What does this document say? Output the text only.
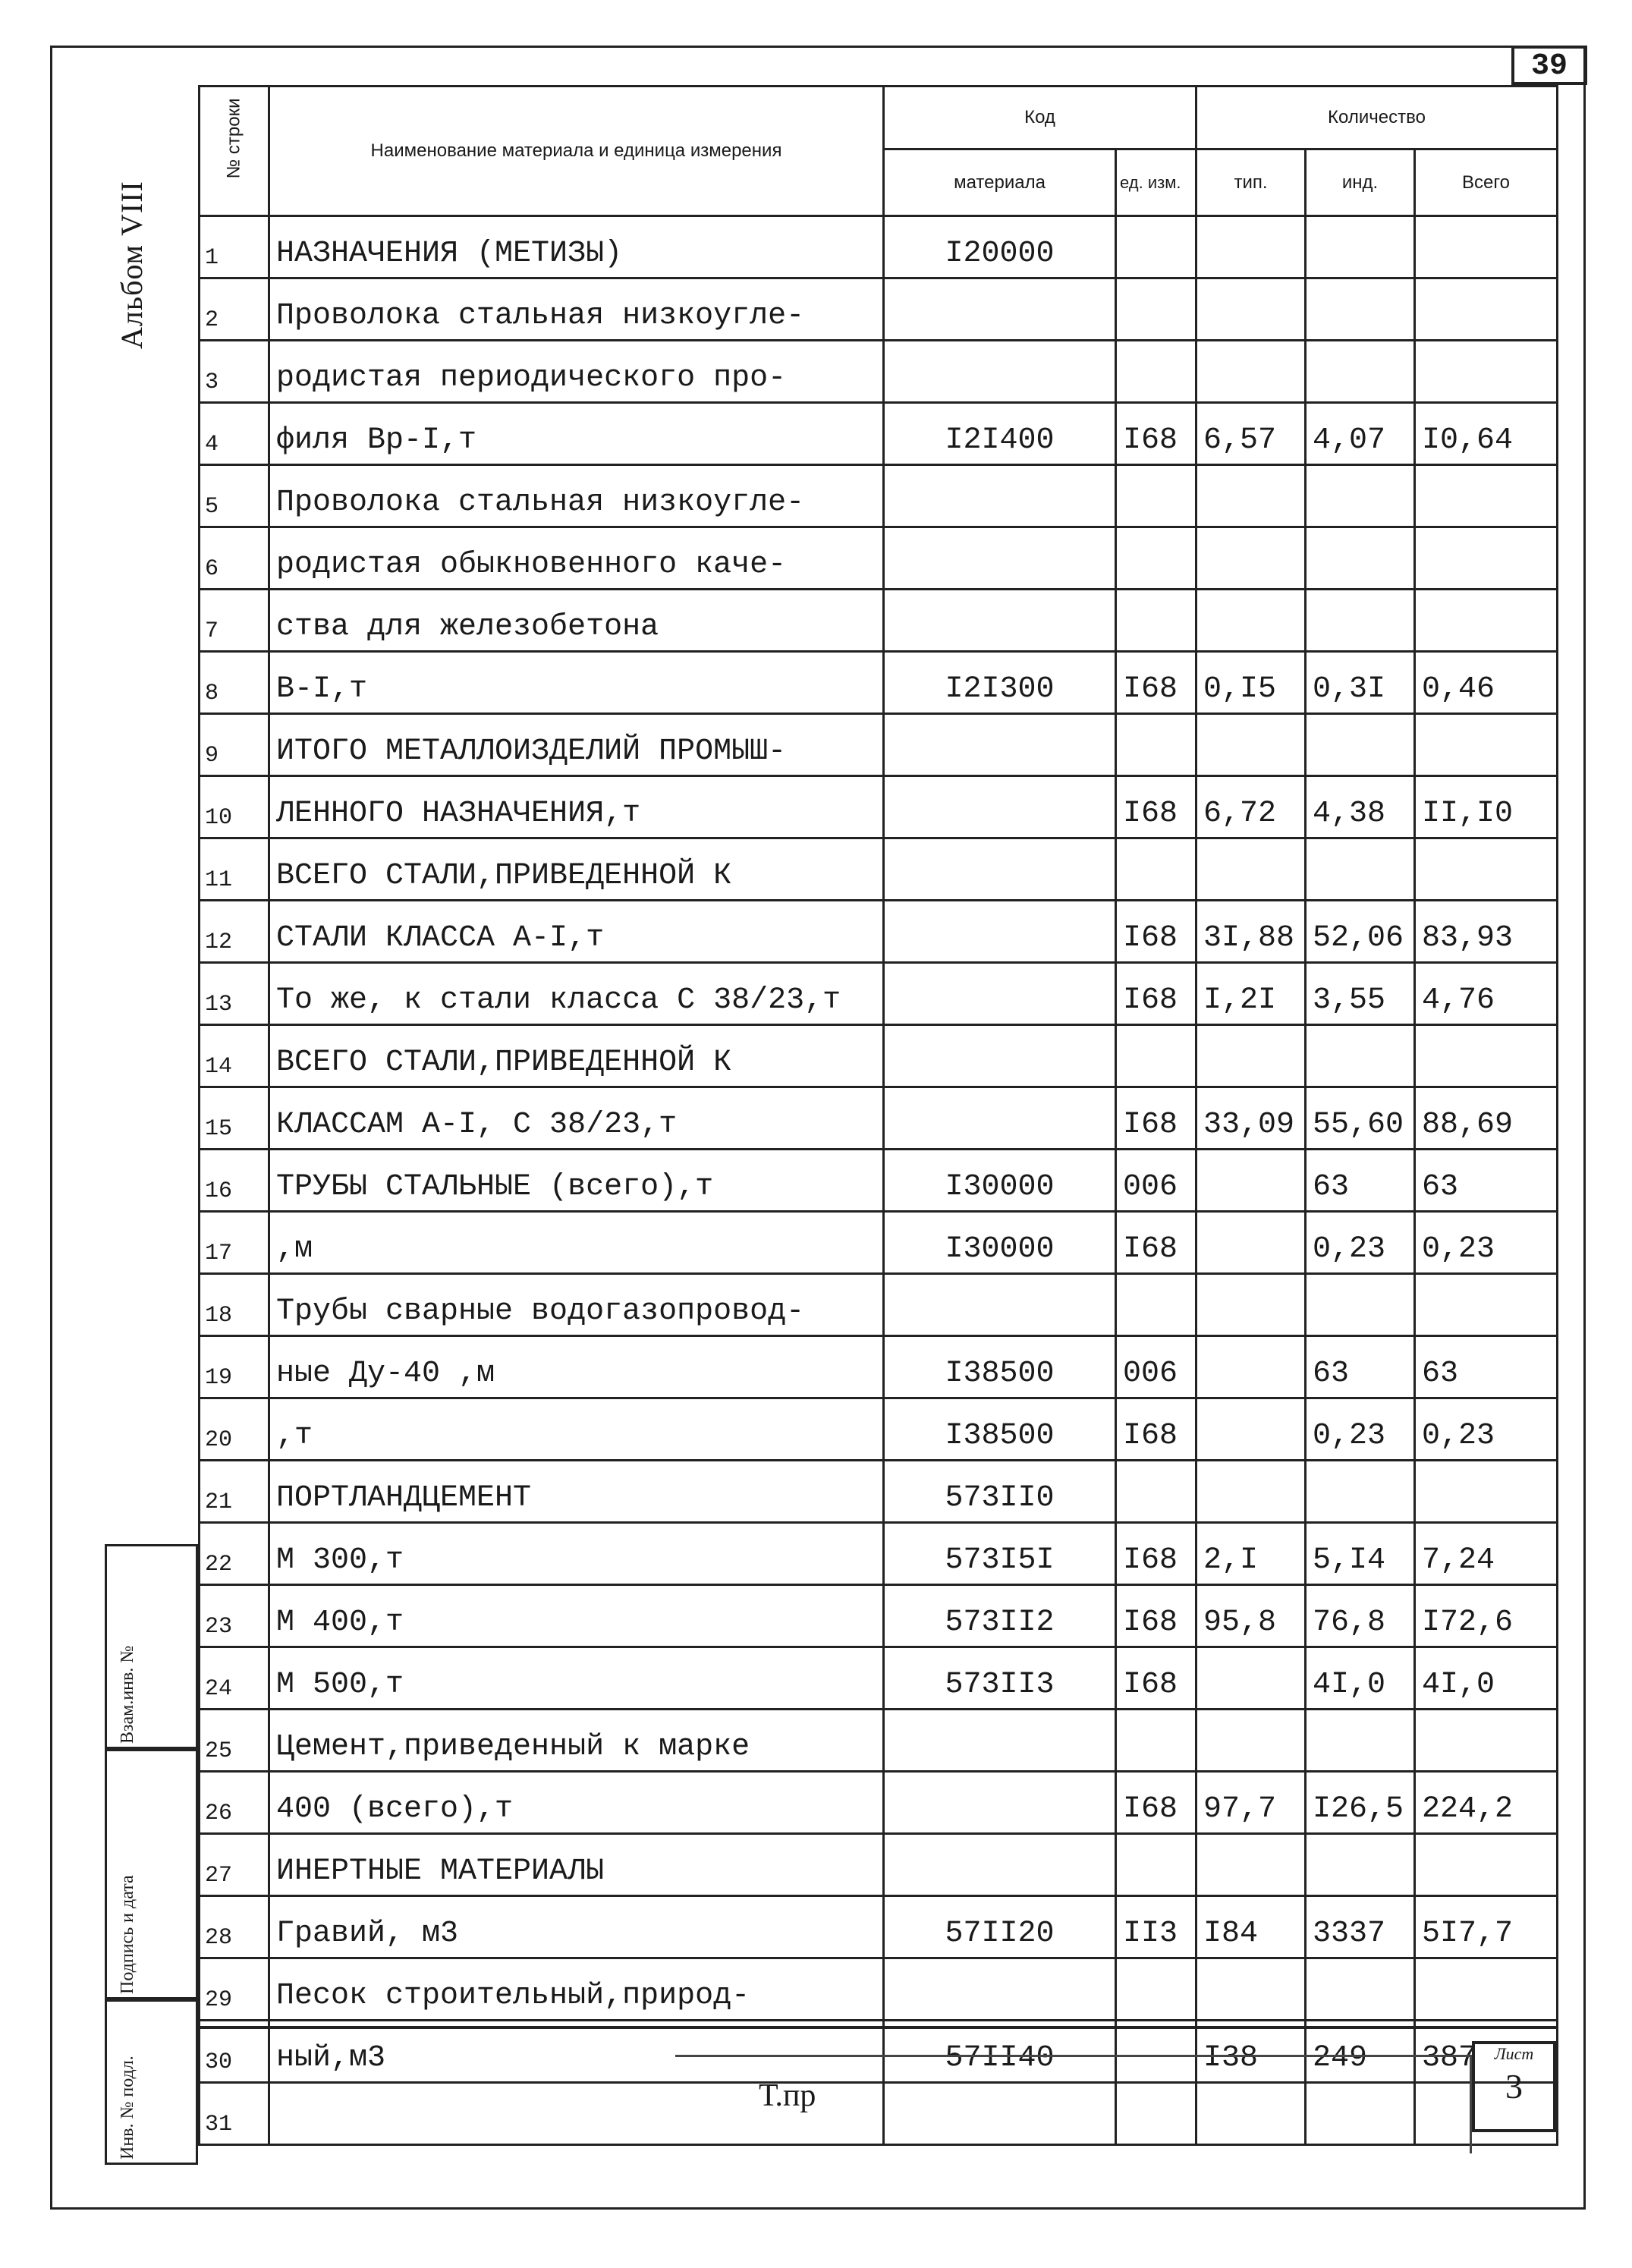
39
Альбом VIII
№ строки	Наименование материала и единица измерения	Код		Количество		
		материала	ед. изм.	тип.	инд.	Всего
1	НАЗНАЧЕНИЯ (МЕТИЗЫ)	I20000				
2	Проволока стальная низкоугле-					
3	родистая периодического про-					
4	филя Вр-I,т	I2I400	I68	6,57	4,07	I0,64
5	Проволока стальная низкоугле-					
6	родистая обыкновенного каче-					
7	ства для железобетона					
8	В-I,т	I2I300	I68	0,I5	0,3I	0,46
9	ИТОГО МЕТАЛЛОИЗДЕЛИЙ ПРОМЫШ-					
10	ЛЕННОГО НАЗНАЧЕНИЯ,т		I68	6,72	4,38	II,I0
11	ВСЕГО СТАЛИ,ПРИВЕДЕННОЙ К					
12	СТАЛИ КЛАССА А-I,т		I68	3I,88	52,06	83,93
13	То же, к стали класса С 38/23,т		I68	I,2I	3,55	4,76
14	ВСЕГО СТАЛИ,ПРИВЕДЕННОЙ К					
15	КЛАССАМ А-I, С 38/23,т		I68	33,09	55,60	88,69
16	ТРУБЫ СТАЛЬНЫЕ (всего),т	I30000	006		63	63
17	,м	I30000	I68		0,23	0,23
18	Трубы сварные водогазопровод-					
19	ные Ду-40 ,м	I38500	006		63	63
20	,т	I38500	I68		0,23	0,23
21	ПОРТЛАНДЦЕМЕНТ	573II0				
22	М 300,т	573I5I	I68	2,I	5,I4	7,24
23	М 400,т	573II2	I68	95,8	76,8	I72,6
24	М 500,т	573II3	I68		4I,0	4I,0
25	Цемент,приведенный к марке					
26	400 (всего),т		I68	97,7	I26,5	224,2
27	ИНЕРТНЫЕ МАТЕРИАЛЫ					
28	Гравий, м3	57II20	II3	I84	3337	5I7,7
29	Песок строительный,природ-					
30	ный,м3	57II40		I38	249	387
31						
Т.пр
Лист
3
Взам.инв. №
Подпись и дата
Инв. № подл.
